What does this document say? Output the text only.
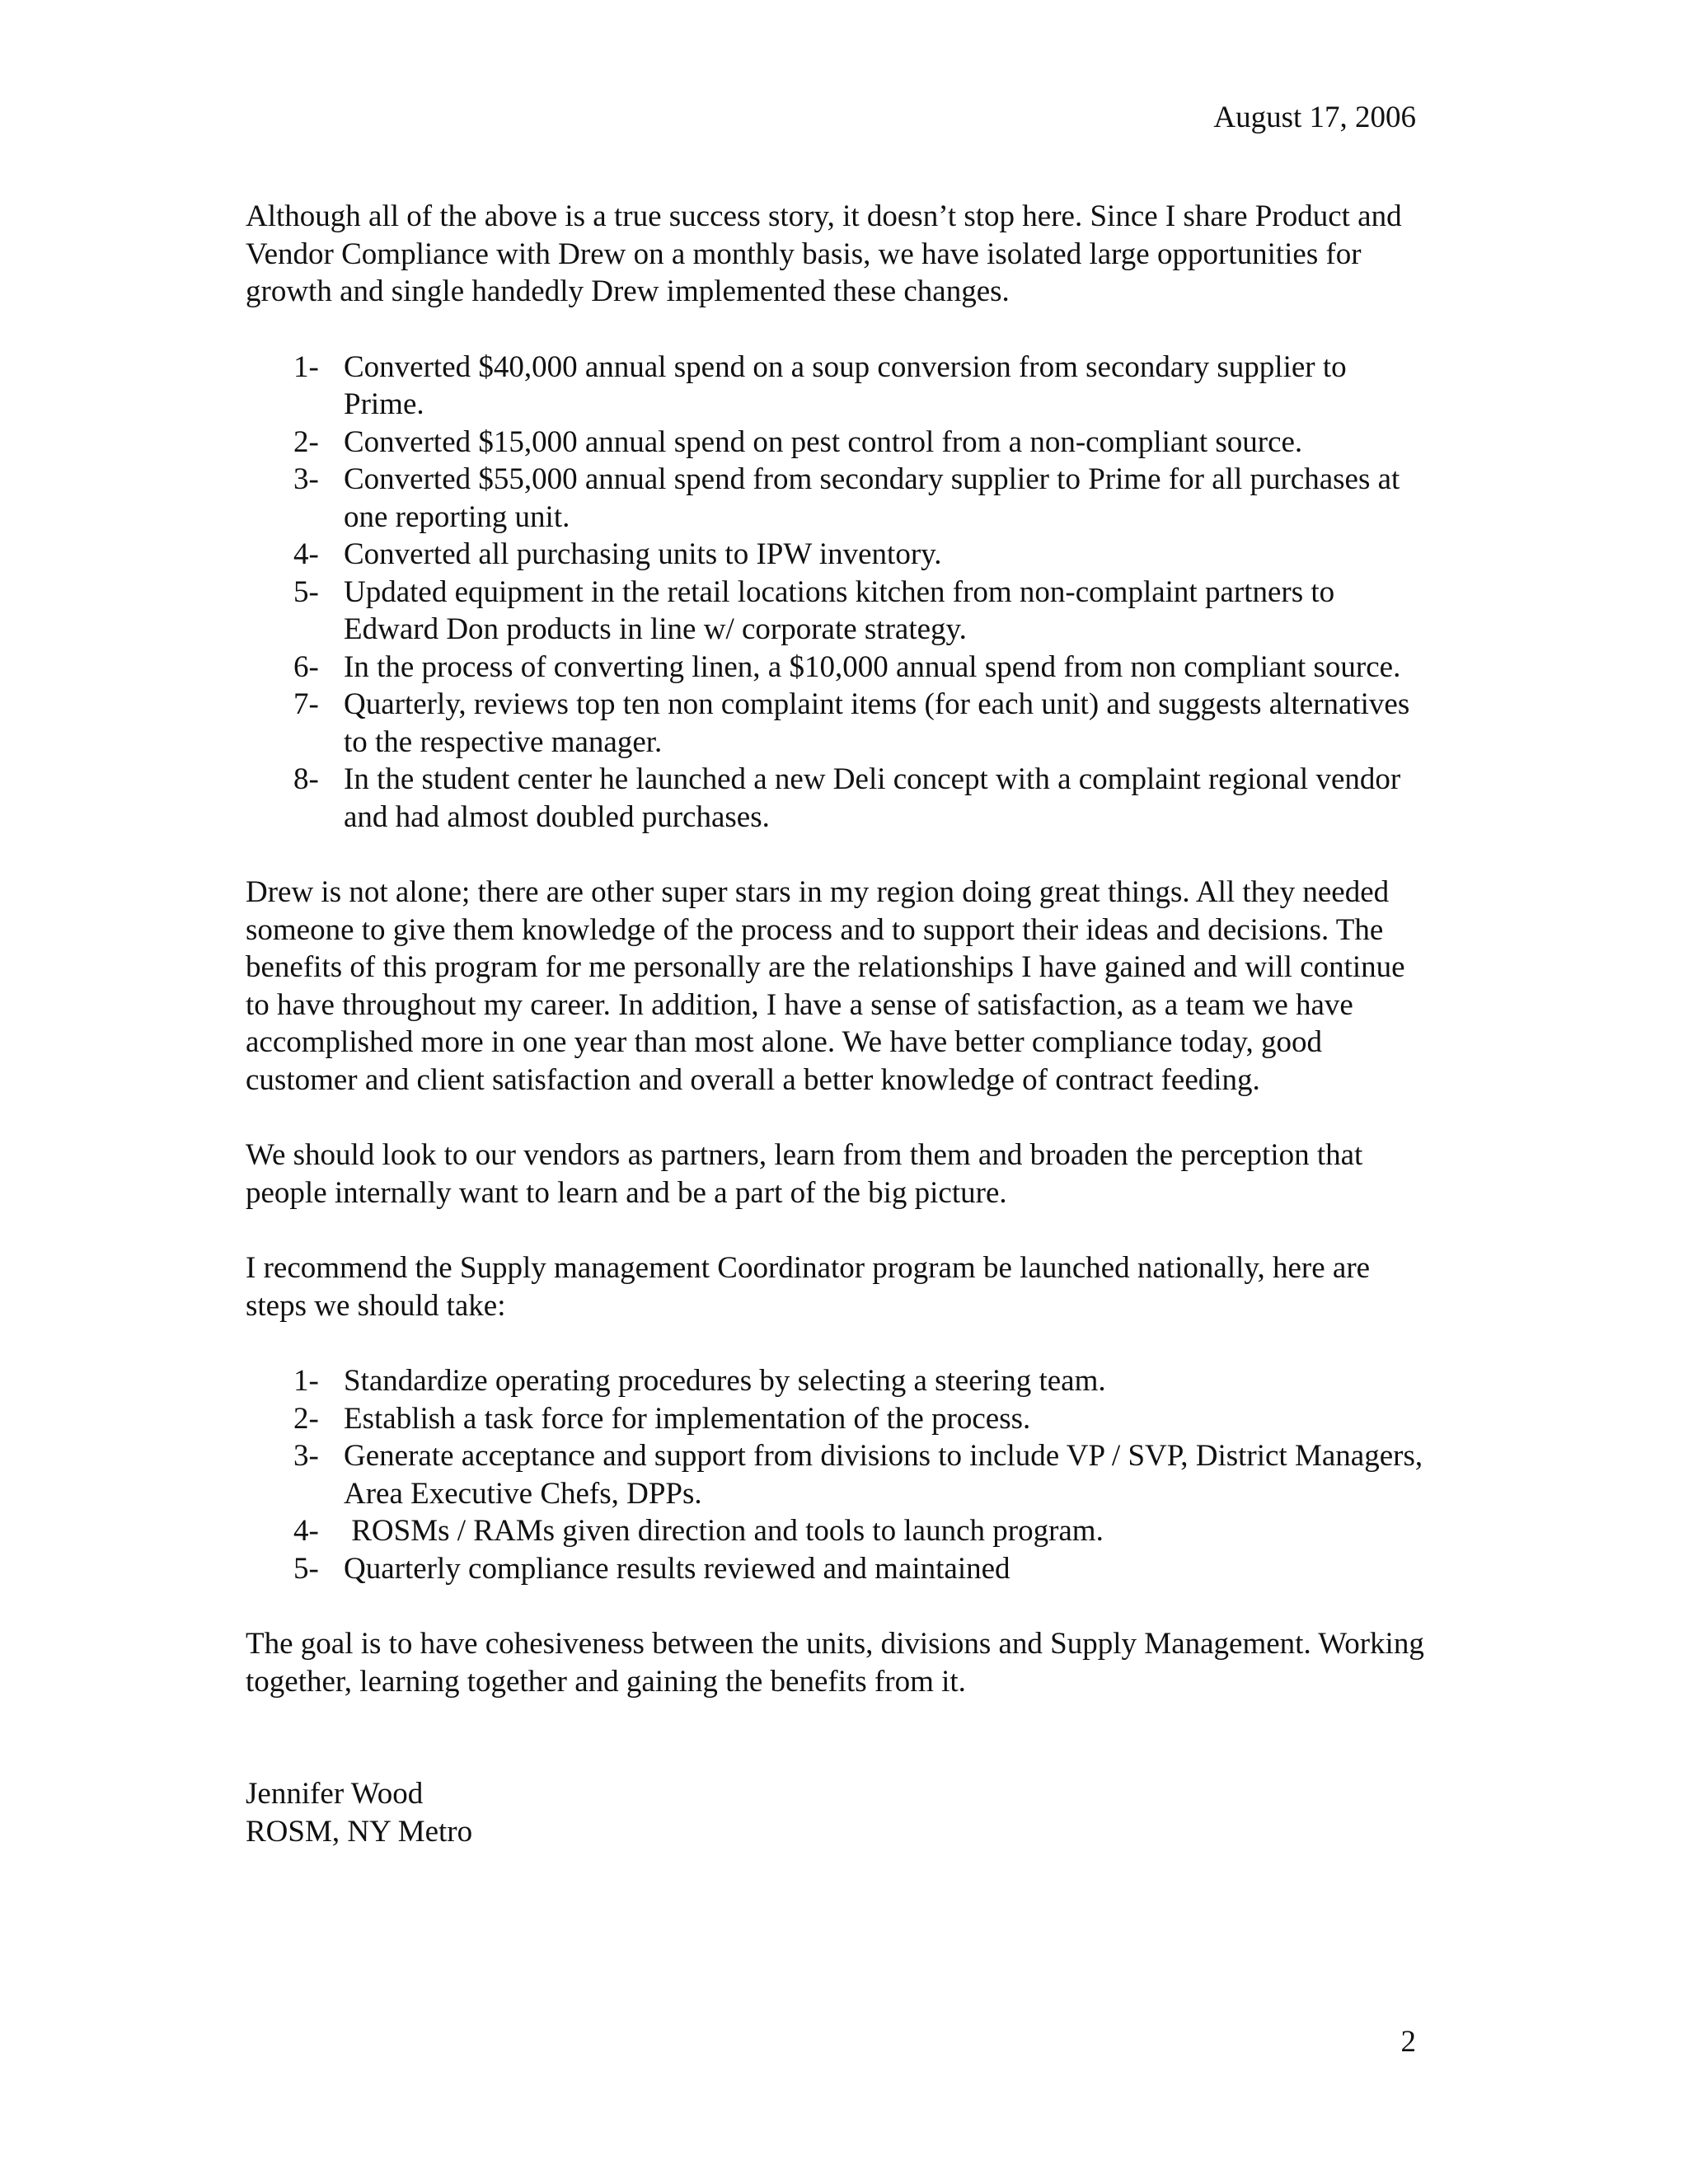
August 17, 2006

Although all of the above is a true success story, it doesn’t stop here. Since I share Product and Vendor Compliance with Drew on a monthly basis, we have isolated large opportunities for growth and single handedly Drew implemented these changes.

1- Converted $40,000 annual spend on a soup conversion from secondary supplier to Prime.
2- Converted $15,000 annual spend on pest control from a non-compliant source.
3- Converted $55,000 annual spend from secondary supplier to Prime for all purchases at one reporting unit.
4- Converted all purchasing units to IPW inventory.
5- Updated equipment in the retail locations kitchen from non-complaint partners to Edward Don products in line w/ corporate strategy.
6- In the process of converting linen, a $10,000 annual spend from non compliant source.
7- Quarterly, reviews top ten non complaint items (for each unit) and suggests alternatives to the respective manager.
8- In the student center he launched a new Deli concept with a complaint regional vendor and had almost doubled purchases.

Drew is not alone; there are other super stars in my region doing great things. All they needed someone to give them knowledge of the process and to support their ideas and decisions. The benefits of this program for me personally are the relationships I have gained and will continue to have throughout my career. In addition, I have a sense of satisfaction, as a team we have accomplished more in one year than most alone. We have better compliance today, good customer and client satisfaction and overall a better knowledge of contract feeding.

We should look to our vendors as partners, learn from them and broaden the perception that people internally want to learn and be a part of the big picture.

I recommend the Supply management Coordinator program be launched nationally, here are steps we should take:

1- Standardize operating procedures by selecting a steering team.
2- Establish a task force for implementation of the process.
3- Generate acceptance and support from divisions to include VP / SVP, District Managers, Area Executive Chefs, DPPs.
4- ROSMs / RAMs given direction and tools to launch program.
5- Quarterly compliance results reviewed and maintained

The goal is to have cohesiveness between the units, divisions and Supply Management. Working together, learning together and gaining the benefits from it.

Jennifer Wood

ROSM, NY Metro

2
